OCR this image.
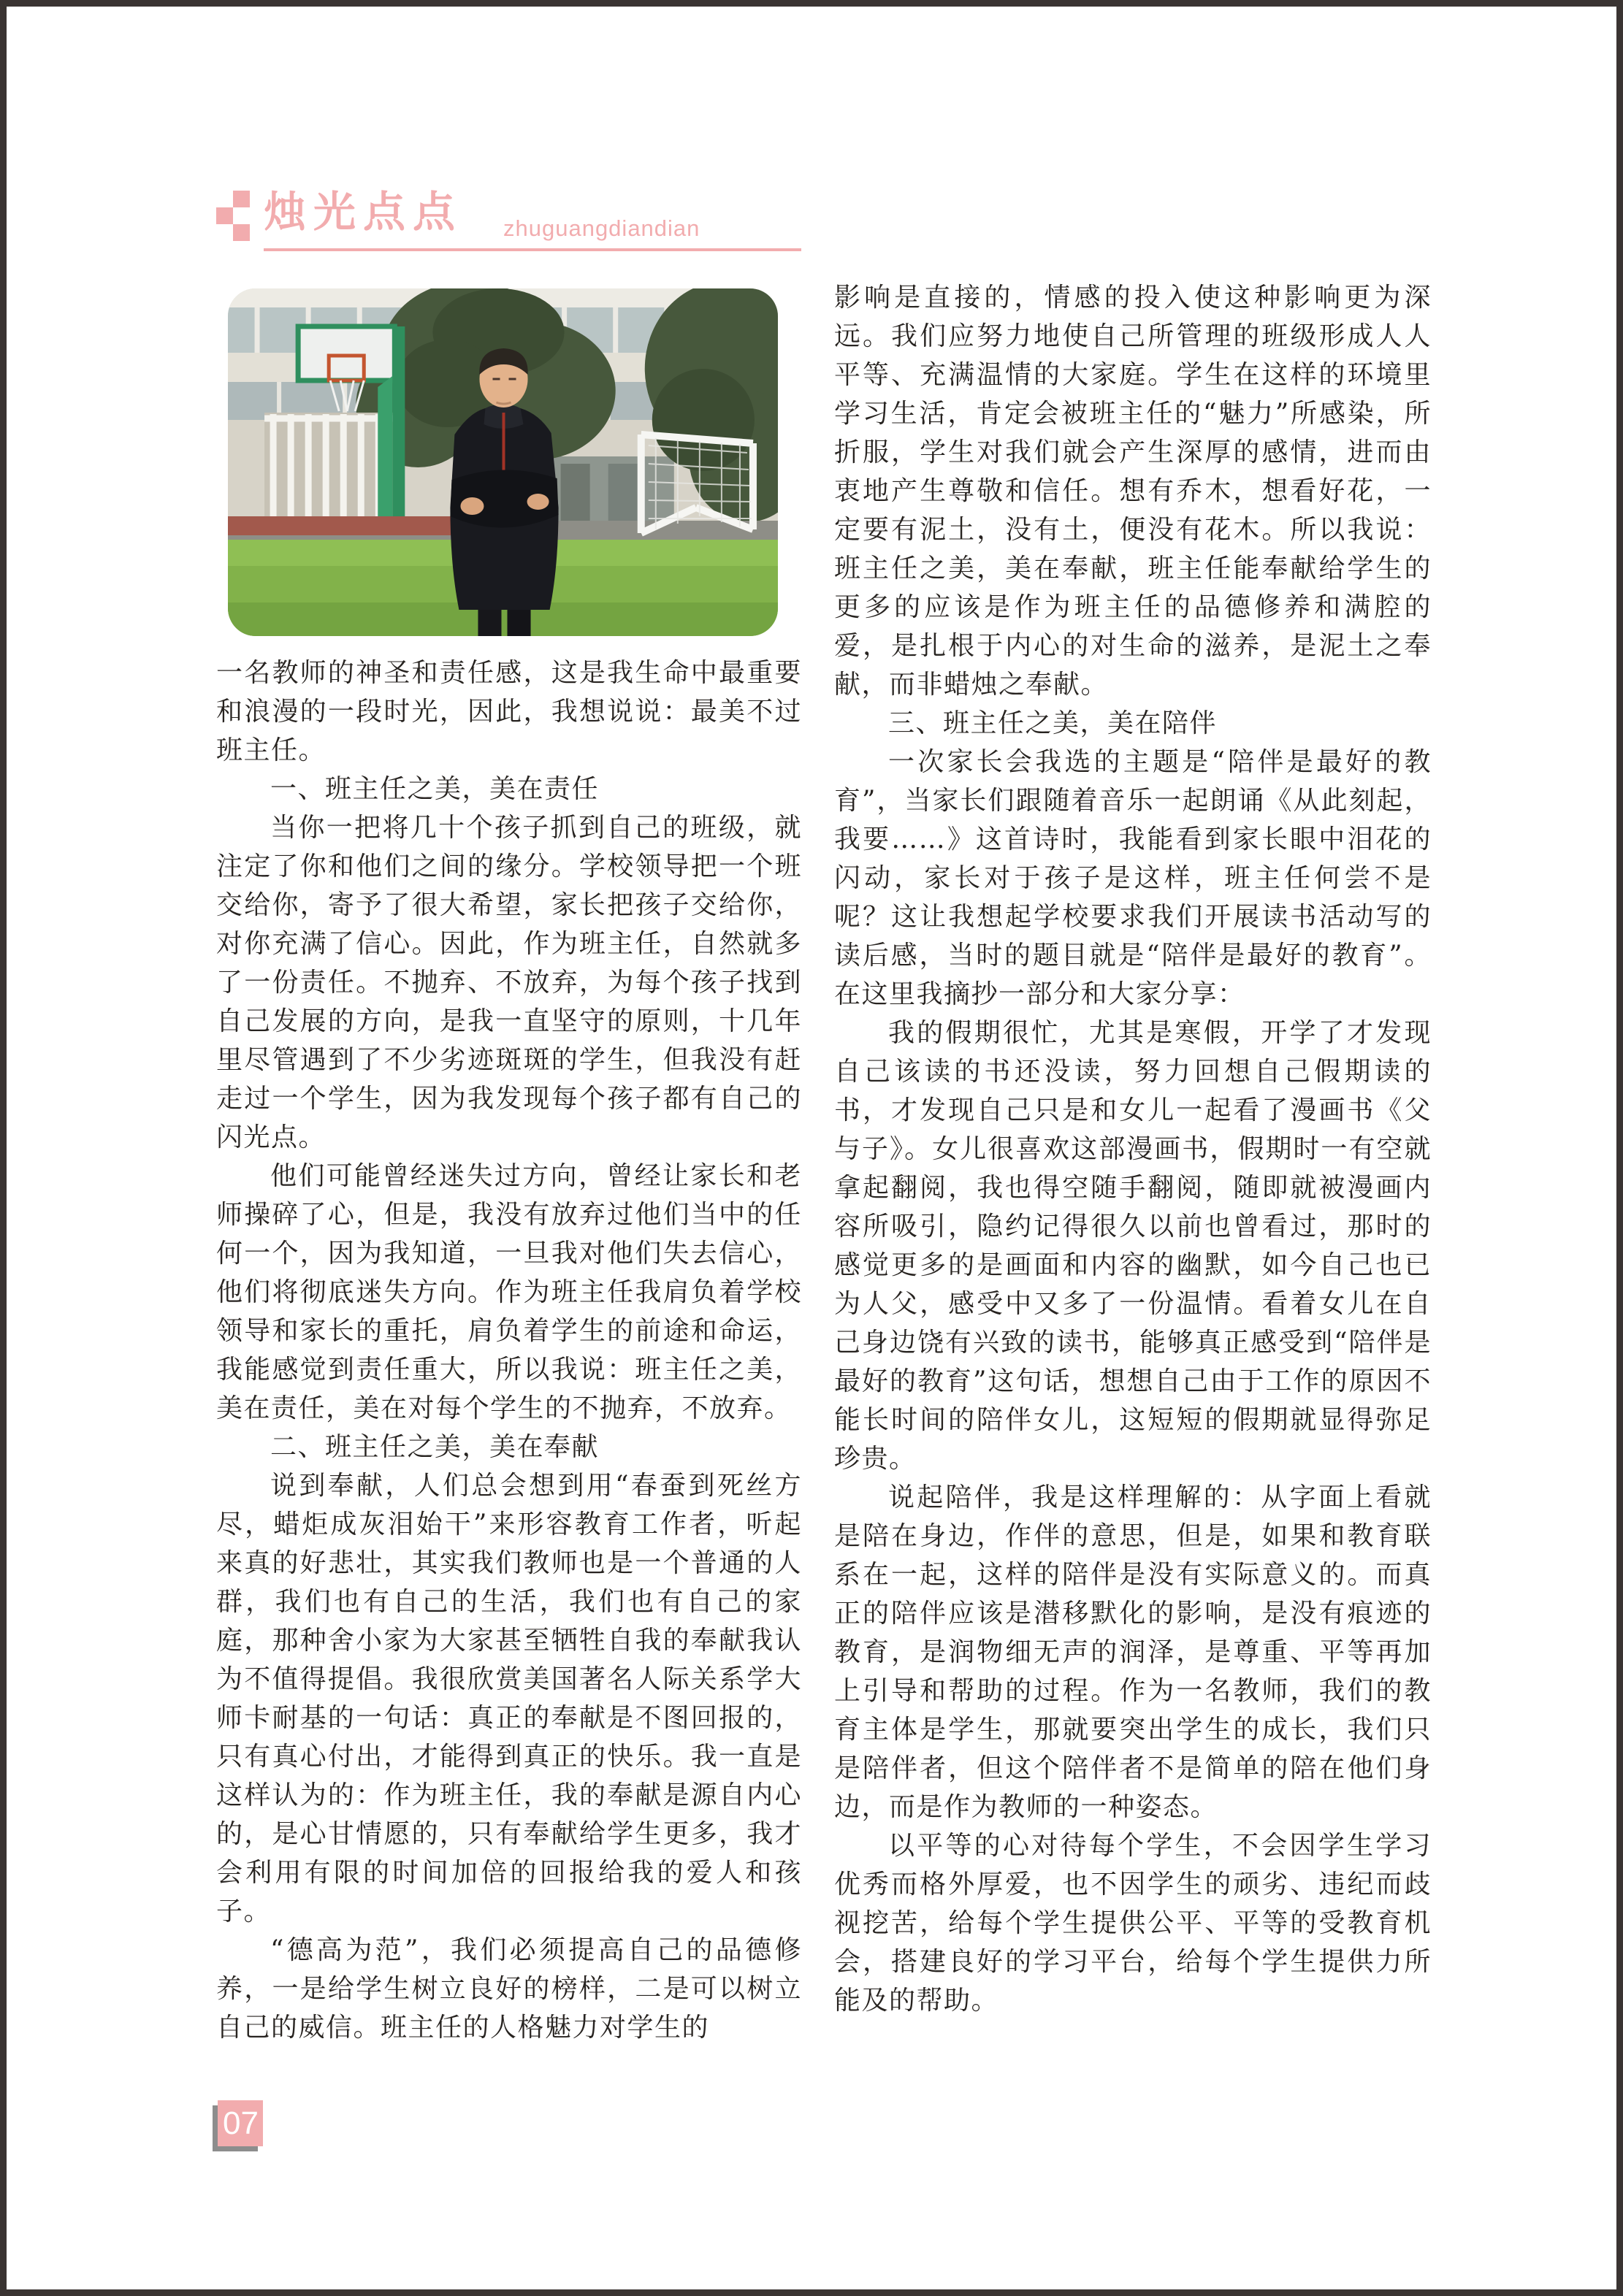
烛光点点 zhuguangdiandian

一名教师的神圣和责任感，这是我生命中最重要和浪漫的一段时光，因此，我想说说：最美不过班主任。

一、班主任之美，美在责任

当你一把将几十个孩子抓到自己的班级，就注定了你和他们之间的缘分。学校领导把一个班交给你，寄予了很大希望，家长把孩子交给你，对你充满了信心。因此，作为班主任，自然就多了一份责任。不抛弃、不放弃，为每个孩子找到自己发展的方向，是我一直坚守的原则，十几年里尽管遇到了不少劣迹斑斑的学生，但我没有赶走过一个学生，因为我发现每个孩子都有自己的闪光点。

他们可能曾经迷失过方向，曾经让家长和老师操碎了心，但是，我没有放弃过他们当中的任何一个，因为我知道，一旦我对他们失去信心，他们将彻底迷失方向。作为班主任我肩负着学校领导和家长的重托，肩负着学生的前途和命运，我能感觉到责任重大，所以我说：班主任之美，美在责任，美在对每个学生的不抛弃，不放弃。

二、班主任之美，美在奉献

说到奉献，人们总会想到用“春蚕到死丝方尽，蜡炬成灰泪始干”来形容教育工作者，听起来真的好悲壮，其实我们教师也是一个普通的人群，我们也有自己的生活，我们也有自己的家庭，那种舍小家为大家甚至牺牲自我的奉献我认为不值得提倡。我很欣赏美国著名人际关系学大师卡耐基的一句话：真正的奉献是不图回报的，只有真心付出，才能得到真正的快乐。我一直是这样认为的：作为班主任，我的奉献是源自内心的，是心甘情愿的，只有奉献给学生更多，我才会利用有限的时间加倍的回报给我的爱人和孩子。

“德高为范”，我们必须提高自己的品德修养，一是给学生树立良好的榜样，二是可以树立自己的威信。班主任的人格魅力对学生的

影响是直接的，情感的投入使这种影响更为深远。我们应努力地使自己所管理的班级形成人人平等、充满温情的大家庭。学生在这样的环境里学习生活，肯定会被班主任的“魅力”所感染，所折服，学生对我们就会产生深厚的感情，进而由衷地产生尊敬和信任。想有乔木，想看好花，一定要有泥土，没有土，便没有花木。所以我说：班主任之美，美在奉献，班主任能奉献给学生的更多的应该是作为班主任的品德修养和满腔的爱，是扎根于内心的对生命的滋养，是泥土之奉献，而非蜡烛之奉献。

三、班主任之美，美在陪伴

一次家长会我选的主题是“陪伴是最好的教育”，当家长们跟随着音乐一起朗诵《从此刻起，我要……》这首诗时，我能看到家长眼中泪花的闪动，家长对于孩子是这样，班主任何尝不是呢？这让我想起学校要求我们开展读书活动写的读后感，当时的题目就是“陪伴是最好的教育”。在这里我摘抄一部分和大家分享：

我的假期很忙，尤其是寒假，开学了才发现自己该读的书还没读，努力回想自己假期读的书，才发现自己只是和女儿一起看了漫画书《父与子》。女儿很喜欢这部漫画书，假期时一有空就拿起翻阅，我也得空随手翻阅，随即就被漫画内容所吸引，隐约记得很久以前也曾看过，那时的感觉更多的是画面和内容的幽默，如今自己也已为人父，感受中又多了一份温情。看着女儿在自己身边饶有兴致的读书，能够真正感受到“陪伴是最好的教育”这句话，想想自己由于工作的原因不能长时间的陪伴女儿，这短短的假期就显得弥足珍贵。

说起陪伴，我是这样理解的：从字面上看就是陪在身边，作伴的意思，但是，如果和教育联系在一起，这样的陪伴是没有实际意义的。而真正的陪伴应该是潜移默化的影响，是没有痕迹的教育，是润物细无声的润泽，是尊重、平等再加上引导和帮助的过程。作为一名教师，我们的教育主体是学生，那就要突出学生的成长，我们只是陪伴者，但这个陪伴者不是简单的陪在他们身边，而是作为教师的一种姿态。

以平等的心对待每个学生，不会因学生学习优秀而格外厚爱，也不因学生的顽劣、违纪而歧视挖苦，给每个学生提供公平、平等的受教育机会，搭建良好的学习平台，给每个学生提供力所能及的帮助。

07
